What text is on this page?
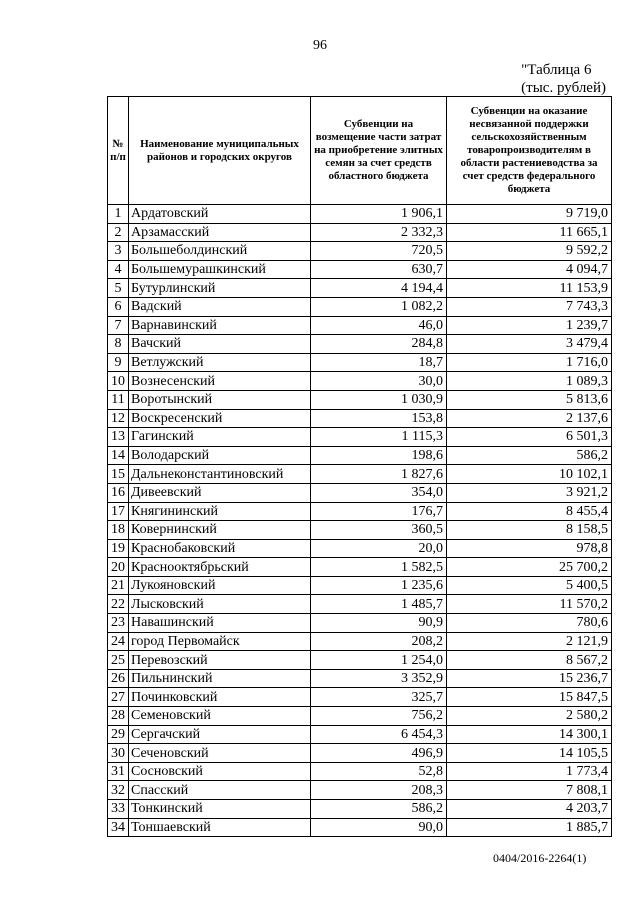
96
"Таблица 6
(тыс. рублей)
№ п/п	Наименование муниципальных районов и городских округов	Субвенции на возмещение части затрат на приобретение элитных семян за счет средств областного бюджета	Субвенции на оказание несвязанной поддержки сельскохозяйственным товаропроизводителям в области растениеводства за счет средств федерального бюджета
1	Ардатовский	1 906,1	9 719,0
2	Арзамасский	2 332,3	11 665,1
3	Большеболдинский	720,5	9 592,2
4	Большемурашкинский	630,7	4 094,7
5	Бутурлинский	4 194,4	11 153,9
6	Вадский	1 082,2	7 743,3
7	Варнавинский	46,0	1 239,7
8	Вачский	284,8	3 479,4
9	Ветлужский	18,7	1 716,0
10	Вознесенский	30,0	1 089,3
11	Воротынский	1 030,9	5 813,6
12	Воскресенский	153,8	2 137,6
13	Гагинский	1 115,3	6 501,3
14	Володарский	198,6	586,2
15	Дальнеконстантиновский	1 827,6	10 102,1
16	Дивеевский	354,0	3 921,2
17	Княгининский	176,7	8 455,4
18	Ковернинский	360,5	8 158,5
19	Краснобаковский	20,0	978,8
20	Краснооктябрьский	1 582,5	25 700,2
21	Лукояновский	1 235,6	5 400,5
22	Лысковский	1 485,7	11 570,2
23	Навашинский	90,9	780,6
24	город Первомайск	208,2	2 121,9
25	Перевозский	1 254,0	8 567,2
26	Пильнинский	3 352,9	15 236,7
27	Починковский	325,7	15 847,5
28	Семеновский	756,2	2 580,2
29	Сергачский	6 454,3	14 300,1
30	Сеченовский	496,9	14 105,5
31	Сосновский	52,8	1 773,4
32	Спасский	208,3	7 808,1
33	Тонкинский	586,2	4 203,7
34	Тоншаевский	90,0	1 885,7
0404/2016-2264(1)
